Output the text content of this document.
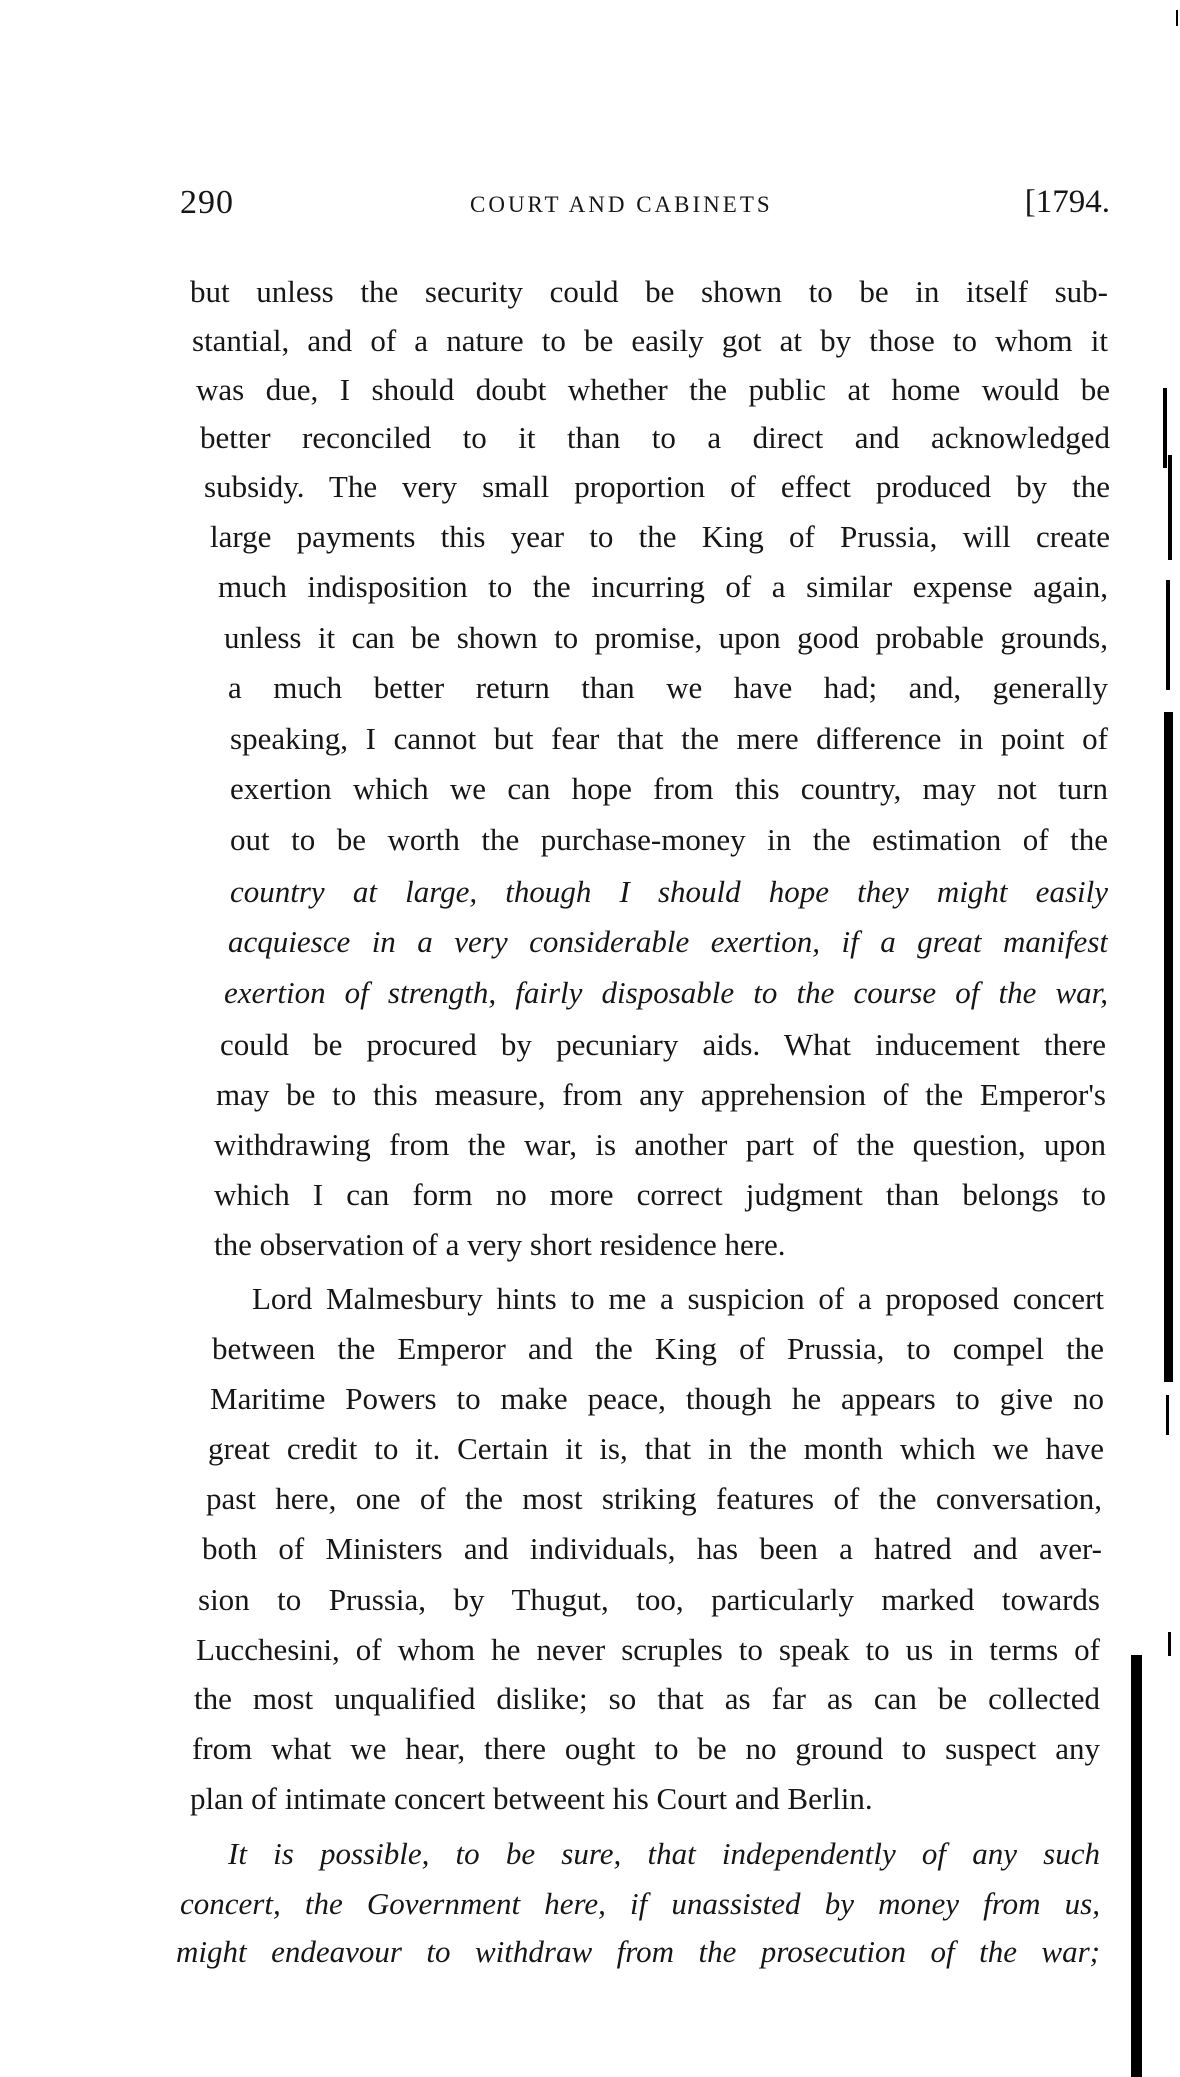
290	COURT AND CABINETS	[1794.
but unless the security could be shown to be in itself sub-
stantial, and of a nature to be easily got at by those to whom it
was due, I should doubt whether the public at home would be
better reconciled to it than to a direct and acknowledged
subsidy. The very small proportion of effect produced by the
large payments this year to the King of Prussia, will create
much indisposition to the incurring of a similar expense again,
unless it can be shown to promise, upon good probable grounds,
a much better return than we have had; and, generally
speaking, I cannot but fear that the mere difference in point of
exertion which we can hope from this country, may not turn
out to be worth the purchase-money in the estimation of the
country at large, though I should hope they might easily
acquiesce in a very considerable exertion, if a great manifest
exertion of strength, fairly disposable to the course of the war,
could be procured by pecuniary aids. What inducement there
may be to this measure, from any apprehension of the Emperor's
withdrawing from the war, is another part of the question, upon
which I can form no more correct judgment than belongs to
the observation of a very short residence here.
Lord Malmesbury hints to me a suspicion of a proposed concert
between the Emperor and the King of Prussia, to compel the
Maritime Powers to make peace, though he appears to give no
great credit to it. Certain it is, that in the month which we have
past here, one of the most striking features of the conversation,
both of Ministers and individuals, has been a hatred and aver-
sion to Prussia, by Thugut, too, particularly marked towards
Lucchesini, of whom he never scruples to speak to us in terms of
the most unqualified dislike; so that as far as can be collected
from what we hear, there ought to be no ground to suspect any
plan of intimate concert betweent his Court and Berlin.
It is possible, to be sure, that independently of any such
concert, the Government here, if unassisted by money from us,
might endeavour to withdraw from the prosecution of the war;
